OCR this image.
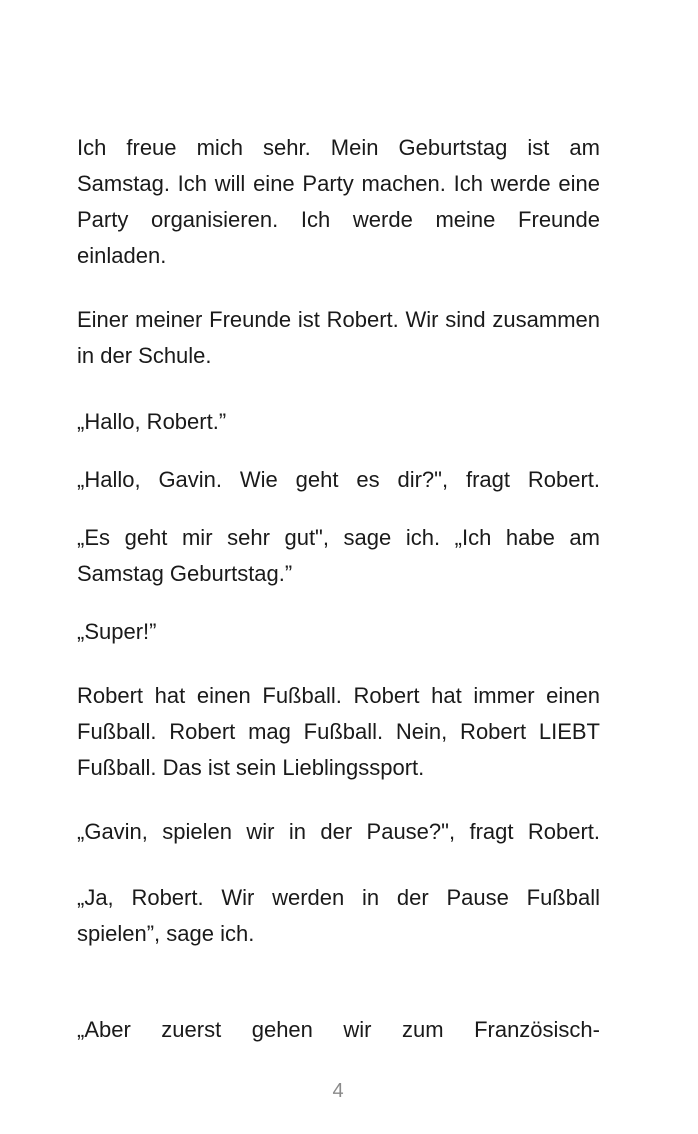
Ich freue mich sehr. Mein Geburtstag ist am Samstag. Ich will eine Party machen. Ich werde eine Party organisieren. Ich werde meine Freunde einladen.

Einer meiner Freunde ist Robert. Wir sind zusammen in der Schule.

„Hallo, Robert.”

„Hallo, Gavin. Wie geht es dir?", fragt Robert.

„Es geht mir sehr gut", sage ich. „Ich habe am Samstag Geburtstag.”

„Super!”

Robert hat einen Fußball. Robert hat immer einen Fußball. Robert mag Fußball. Nein, Robert LIEBT Fußball. Das ist sein Lieblingssport.

„Gavin, spielen wir in der Pause?", fragt Robert.

„Ja, Robert. Wir werden in der Pause Fußball spielen”, sage ich.

„Aber zuerst gehen wir zum Französisch-

4
